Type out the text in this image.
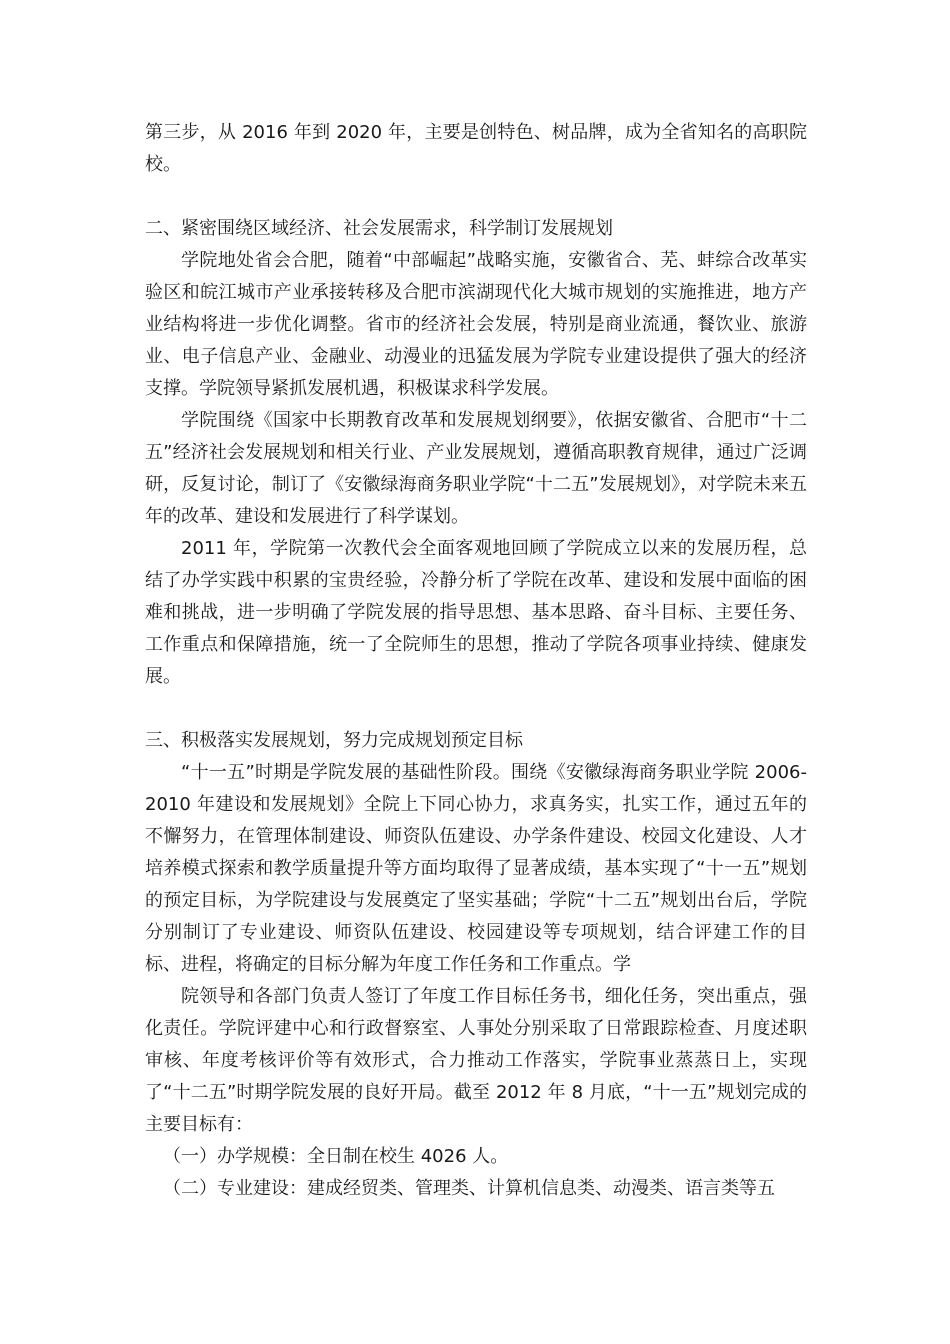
第三步，从 2016 年到 2020 年，主要是创特色、树品牌，成为全省知名的高职院校。

二、紧密围绕区域经济、社会发展需求，科学制订发展规划

学院地处省会合肥，随着“中部崛起”战略实施，安徽省合、芜、蚌综合改革实验区和皖江城市产业承接转移及合肥市滨湖现代化大城市规划的实施推进，地方产业结构将进一步优化调整。省市的经济社会发展，特别是商业流通，餐饮业、旅游业、电子信息产业、金融业、动漫业的迅猛发展为学院专业建设提供了强大的经济支撑。学院领导紧抓发展机遇，积极谋求科学发展。

学院围绕《国家中长期教育改革和发展规划纲要》，依据安徽省、合肥市“十二五”经济社会发展规划和相关行业、产业发展规划，遵循高职教育规律，通过广泛调研，反复讨论，制订了《安徽绿海商务职业学院“十二五”发展规划》，对学院未来五年的改革、建设和发展进行了科学谋划。

2011 年，学院第一次教代会全面客观地回顾了学院成立以来的发展历程，总结了办学实践中积累的宝贵经验，冷静分析了学院在改革、建设和发展中面临的困难和挑战，进一步明确了学院发展的指导思想、基本思路、奋斗目标、主要任务、工作重点和保障措施，统一了全院师生的思想，推动了学院各项事业持续、健康发展。

三、积极落实发展规划，努力完成规划预定目标

“十一五”时期是学院发展的基础性阶段。围绕《安徽绿海商务职业学院 2006-2010 年建设和发展规划》全院上下同心协力，求真务实，扎实工作，通过五年的不懈努力，在管理体制建设、师资队伍建设、办学条件建设、校园文化建设、人才培养模式探索和教学质量提升等方面均取得了显著成绩，基本实现了“十一五”规划的预定目标，为学院建设与发展奠定了坚实基础；学院“十二五”规划出台后，学院分别制订了专业建设、师资队伍建设、校园建设等专项规划，结合评建工作的目标、进程，将确定的目标分解为年度工作任务和工作重点。学

院领导和各部门负责人签订了年度工作目标任务书，细化任务，突出重点，强化责任。学院评建中心和行政督察室、人事处分别采取了日常跟踪检查、月度述职审核、年度考核评价等有效形式，合力推动工作落实，学院事业蒸蒸日上，实现了“十二五”时期学院发展的良好开局。截至 2012 年 8 月底，“十一五”规划完成的主要目标有：

（一）办学规模：全日制在校生 4026 人。

（二）专业建设：建成经贸类、管理类、计算机信息类、动漫类、语言类等五
